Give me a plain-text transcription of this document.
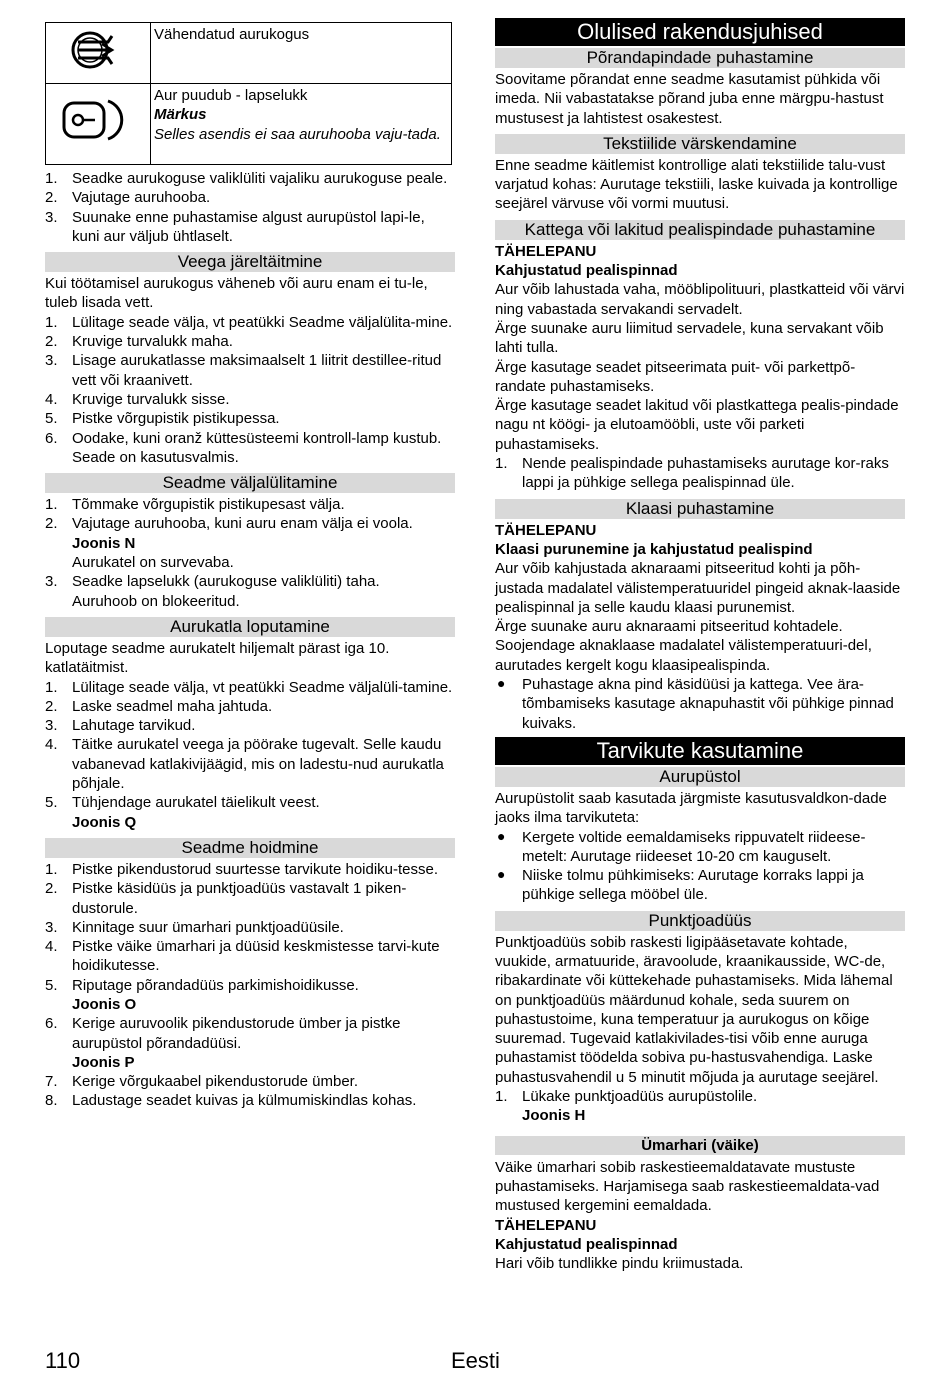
	Vähendatud aurukogus

Aur puudub - lapselukk

Märkus

Selles asendis ei saa auruhooba vaju-tada.

1. Seadke aurukoguse valiklüliti vajaliku aurukoguse peale.
2. Vajutage auruhooba.
3. Suunake enne puhastamise algust aurupüstol lapi-le, kuni aur väljub ühtlaselt.
Veega järeltäitmine

Kui töötamisel aurukogus väheneb või auru enam ei tu-le, tuleb lisada vett.

1. Lülitage seade välja, vt peatükki Seadme väljalülita-mine.
2. Kruvige turvalukk maha.
3. Lisage aurukatlasse maksimaalselt 1 liitrit destillee-ritud vett või kraanivett.
4. Kruvige turvalukk sisse.
5. Pistke võrgupistik pistikupessa.
6. Oodake, kuni oranž küttesüsteemi kontroll-lamp kustub.

Seade on kasutusvalmis.

Seadme väljalülitamine
1. Tõmmake võrgupistik pistikupesast välja.
2. Vajutage auruhooba, kuni auru enam välja ei voola.

Joonis N

Aurukatel on survevaba.

3. Seadke lapselukk (aurukoguse valiklüliti) taha.

Auruhoob on blokeeritud.

Aurukatla loputamine

Loputage seadme aurukatelt hiljemalt pärast iga 10. katlatäitmist.

1. Lülitage seade välja, vt peatükki Seadme väljalüli-tamine.
2. Laske seadmel maha jahtuda.
3. Lahutage tarvikud.
4. Täitke aurukatel veega ja pöörake tugevalt. Selle kaudu vabanevad katlakivijäägid, mis on ladestu-nud aurukatla põhjale.
5. Tühjendage aurukatel täielikult veest.

Joonis Q

Seadme hoidmine
1. Pistke pikendustorud suurtesse tarvikute hoidiku-tesse.
2. Pistke käsidüüs ja punktjoadüüs vastavalt 1 piken-dustorule.
3. Kinnitage suur ümarhari punktjoadüüsile.
4. Pistke väike ümarhari ja düüsid keskmistesse tarvi-kute hoidikutesse.
5. Riputage põrandadüüs parkimishoidikusse.

Joonis O

6. Kerige auruvoolik pikendustorude ümber ja pistke aurupüstol põrandadüüsi.

Joonis P

7. Kerige võrgukaabel pikendustorude ümber.
8. Ladustage seadet kuivas ja külmumiskindlas kohas.
Olulised rakendusjuhised
Põrandapindade puhastamine

Soovitame põrandat enne seadme kasutamist pühkida või imeda. Nii vabastatakse põrand juba enne märgpu-hastust mustusest ja lahtistest osakestest.

Tekstiilide värskendamine

Enne seadme käitlemist kontrollige alati tekstiilide talu-vust varjatud kohas: Aurutage tekstiili, laske kuivada ja kontrollige seejärel värvuse või vormi muutusi.

Kattega või lakitud pealispindade puhastamine

TÄHELEPANU

Kahjustatud pealispinnad

Aur võib lahustada vaha, mööblipolituuri, plastkatteid või värvi ning vabastada servakandi servadelt.

Ärge suunake auru liimitud servadele, kuna servakant võib lahti tulla.

Ärge kasutage seadet pitseerimata puit- või parkettpõ-randate puhastamiseks.

Ärge kasutage seadet lakitud või plastkattega pealis-pindade nagu nt köögi- ja elutoamööbli, uste või parketi puhastamiseks.

1. Nende pealispindade puhastamiseks aurutage kor-raks lappi ja pühkige sellega pealispinnad üle.
Klaasi puhastamine

TÄHELEPANU

Klaasi purunemine ja kahjustatud pealispind

Aur võib kahjustada aknaraami pitseeritud kohti ja põh-justada madalatel välistemperatuuridel pingeid aknak-laaside pealispinnal ja selle kaudu klaasi purunemist.

Ärge suunake auru aknaraami pitseeritud kohtadele.

Soojendage aknaklaase madalatel välistemperatuuri-del, aurutades kergelt kogu klaasipealispinda.

● Puhastage akna pind käsidüüsi ja kattega. Vee ära-tõmbamiseks kasutage aknapuhastit või pühkige pinnad kuivaks.
Tarvikute kasutamine
Aurupüstol

Aurupüstolit saab kasutada järgmiste kasutusvaldkon-dade jaoks ilma tarvikuteta:

● Kergete voltide eemaldamiseks rippuvatelt riideese-metelt: Aurutage riideeset 10-20 cm kauguselt.
● Niiske tolmu pühkimiseks: Aurutage korraks lappi ja pühkige sellega mööbel üle.
Punktjoadüüs

Punktjoadüüs sobib raskesti ligipääsetavate kohtade, vuukide, armatuuride, äravoolude, kraanikausside, WC-de, ribakardinate või küttekehade puhastamiseks. Mida lähemal on punktjoadüüs määrdunud kohale, seda suurem on puhastustoime, kuna temperatuur ja aurukogus on kõige suuremad. Tugevaid katlakivilades-tisi võib enne auruga puhastamist töödelda sobiva pu-hastusvahendiga. Laske puhastusvahendil u 5 minutit mõjuda ja aurutage seejärel.

1. Lükake punktjoadüüs aurupüstolile.

Joonis H

Ümarhari (väike)

Väike ümarhari sobib raskestieemaldatavate mustuste puhastamiseks. Harjamisega saab raskestieemaldata-vad mustused kergemini eemaldada.

TÄHELEPANU

Kahjustatud pealispinnad

Hari võib tundlikke pindu kriimustada.

110	Eesti
